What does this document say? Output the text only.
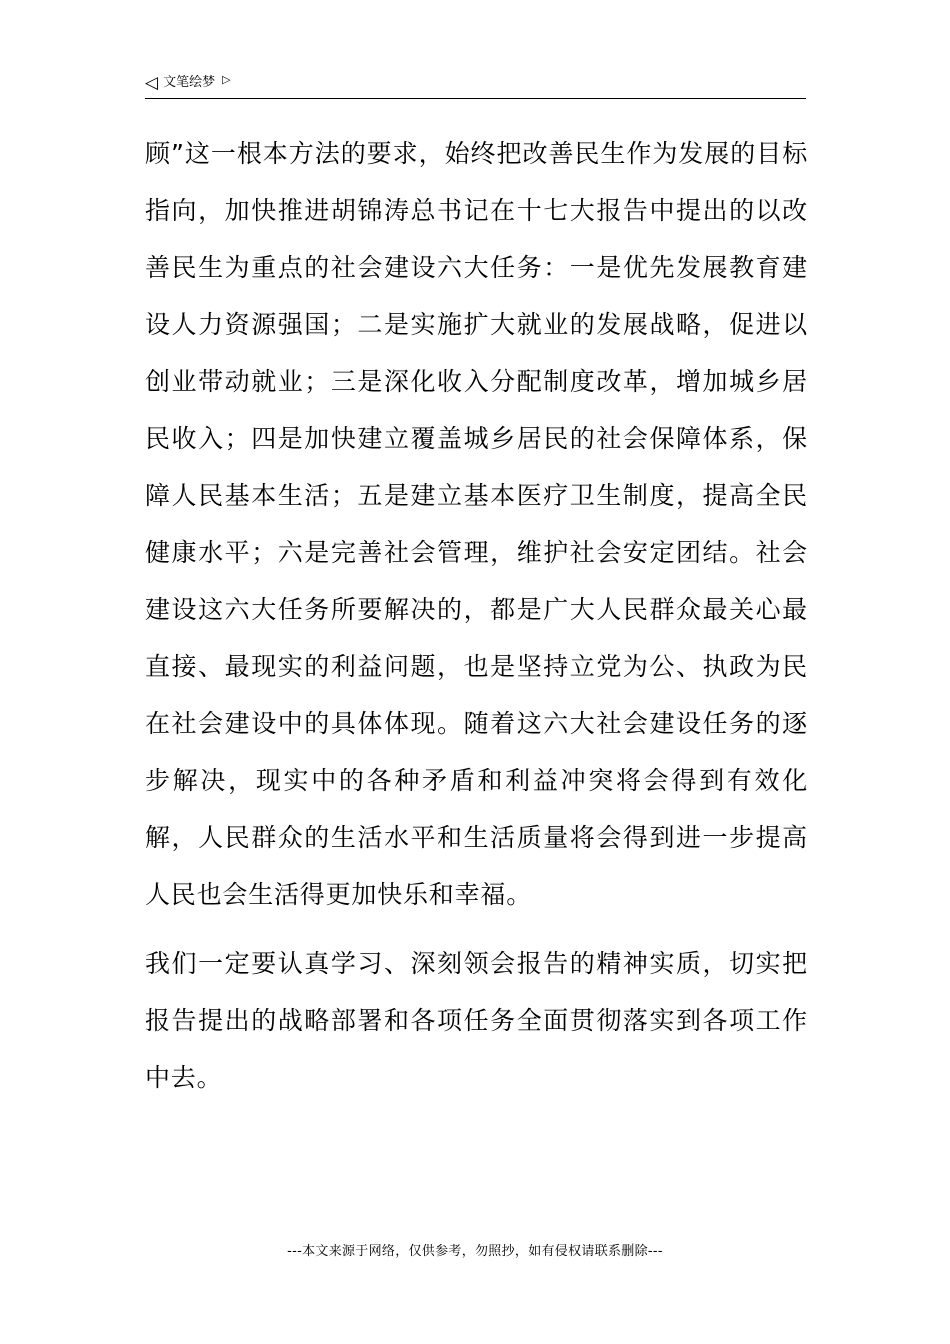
◁ 文笔绘梦 ▷

顾”这一根本方法的要求，始终把改善民生作为发展的目标指向，加快推进胡锦涛总书记在十七大报告中提出的以改善民生为重点的社会建设六大任务：一是优先发展教育建设人力资源强国；二是实施扩大就业的发展战略，促进以创业带动就业；三是深化收入分配制度改革，增加城乡居民收入；四是加快建立覆盖城乡居民的社会保障体系，保障人民基本生活；五是建立基本医疗卫生制度，提高全民健康水平；六是完善社会管理，维护社会安定团结。社会建设这六大任务所要解决的，都是广大人民群众最关心最直接、最现实的利益问题，也是坚持立党为公、执政为民在社会建设中的具体体现。随着这六大社会建设任务的逐步解决，现实中的各种矛盾和利益冲突将会得到有效化解，人民群众的生活水平和生活质量将会得到进一步提高人民也会生活得更加快乐和幸福。

我们一定要认真学习、深刻领会报告的精神实质，切实把报告提出的战略部署和各项任务全面贯彻落实到各项工作中去。

---本文来源于网络，仅供参考，勿照抄，如有侵权请联系删除---
